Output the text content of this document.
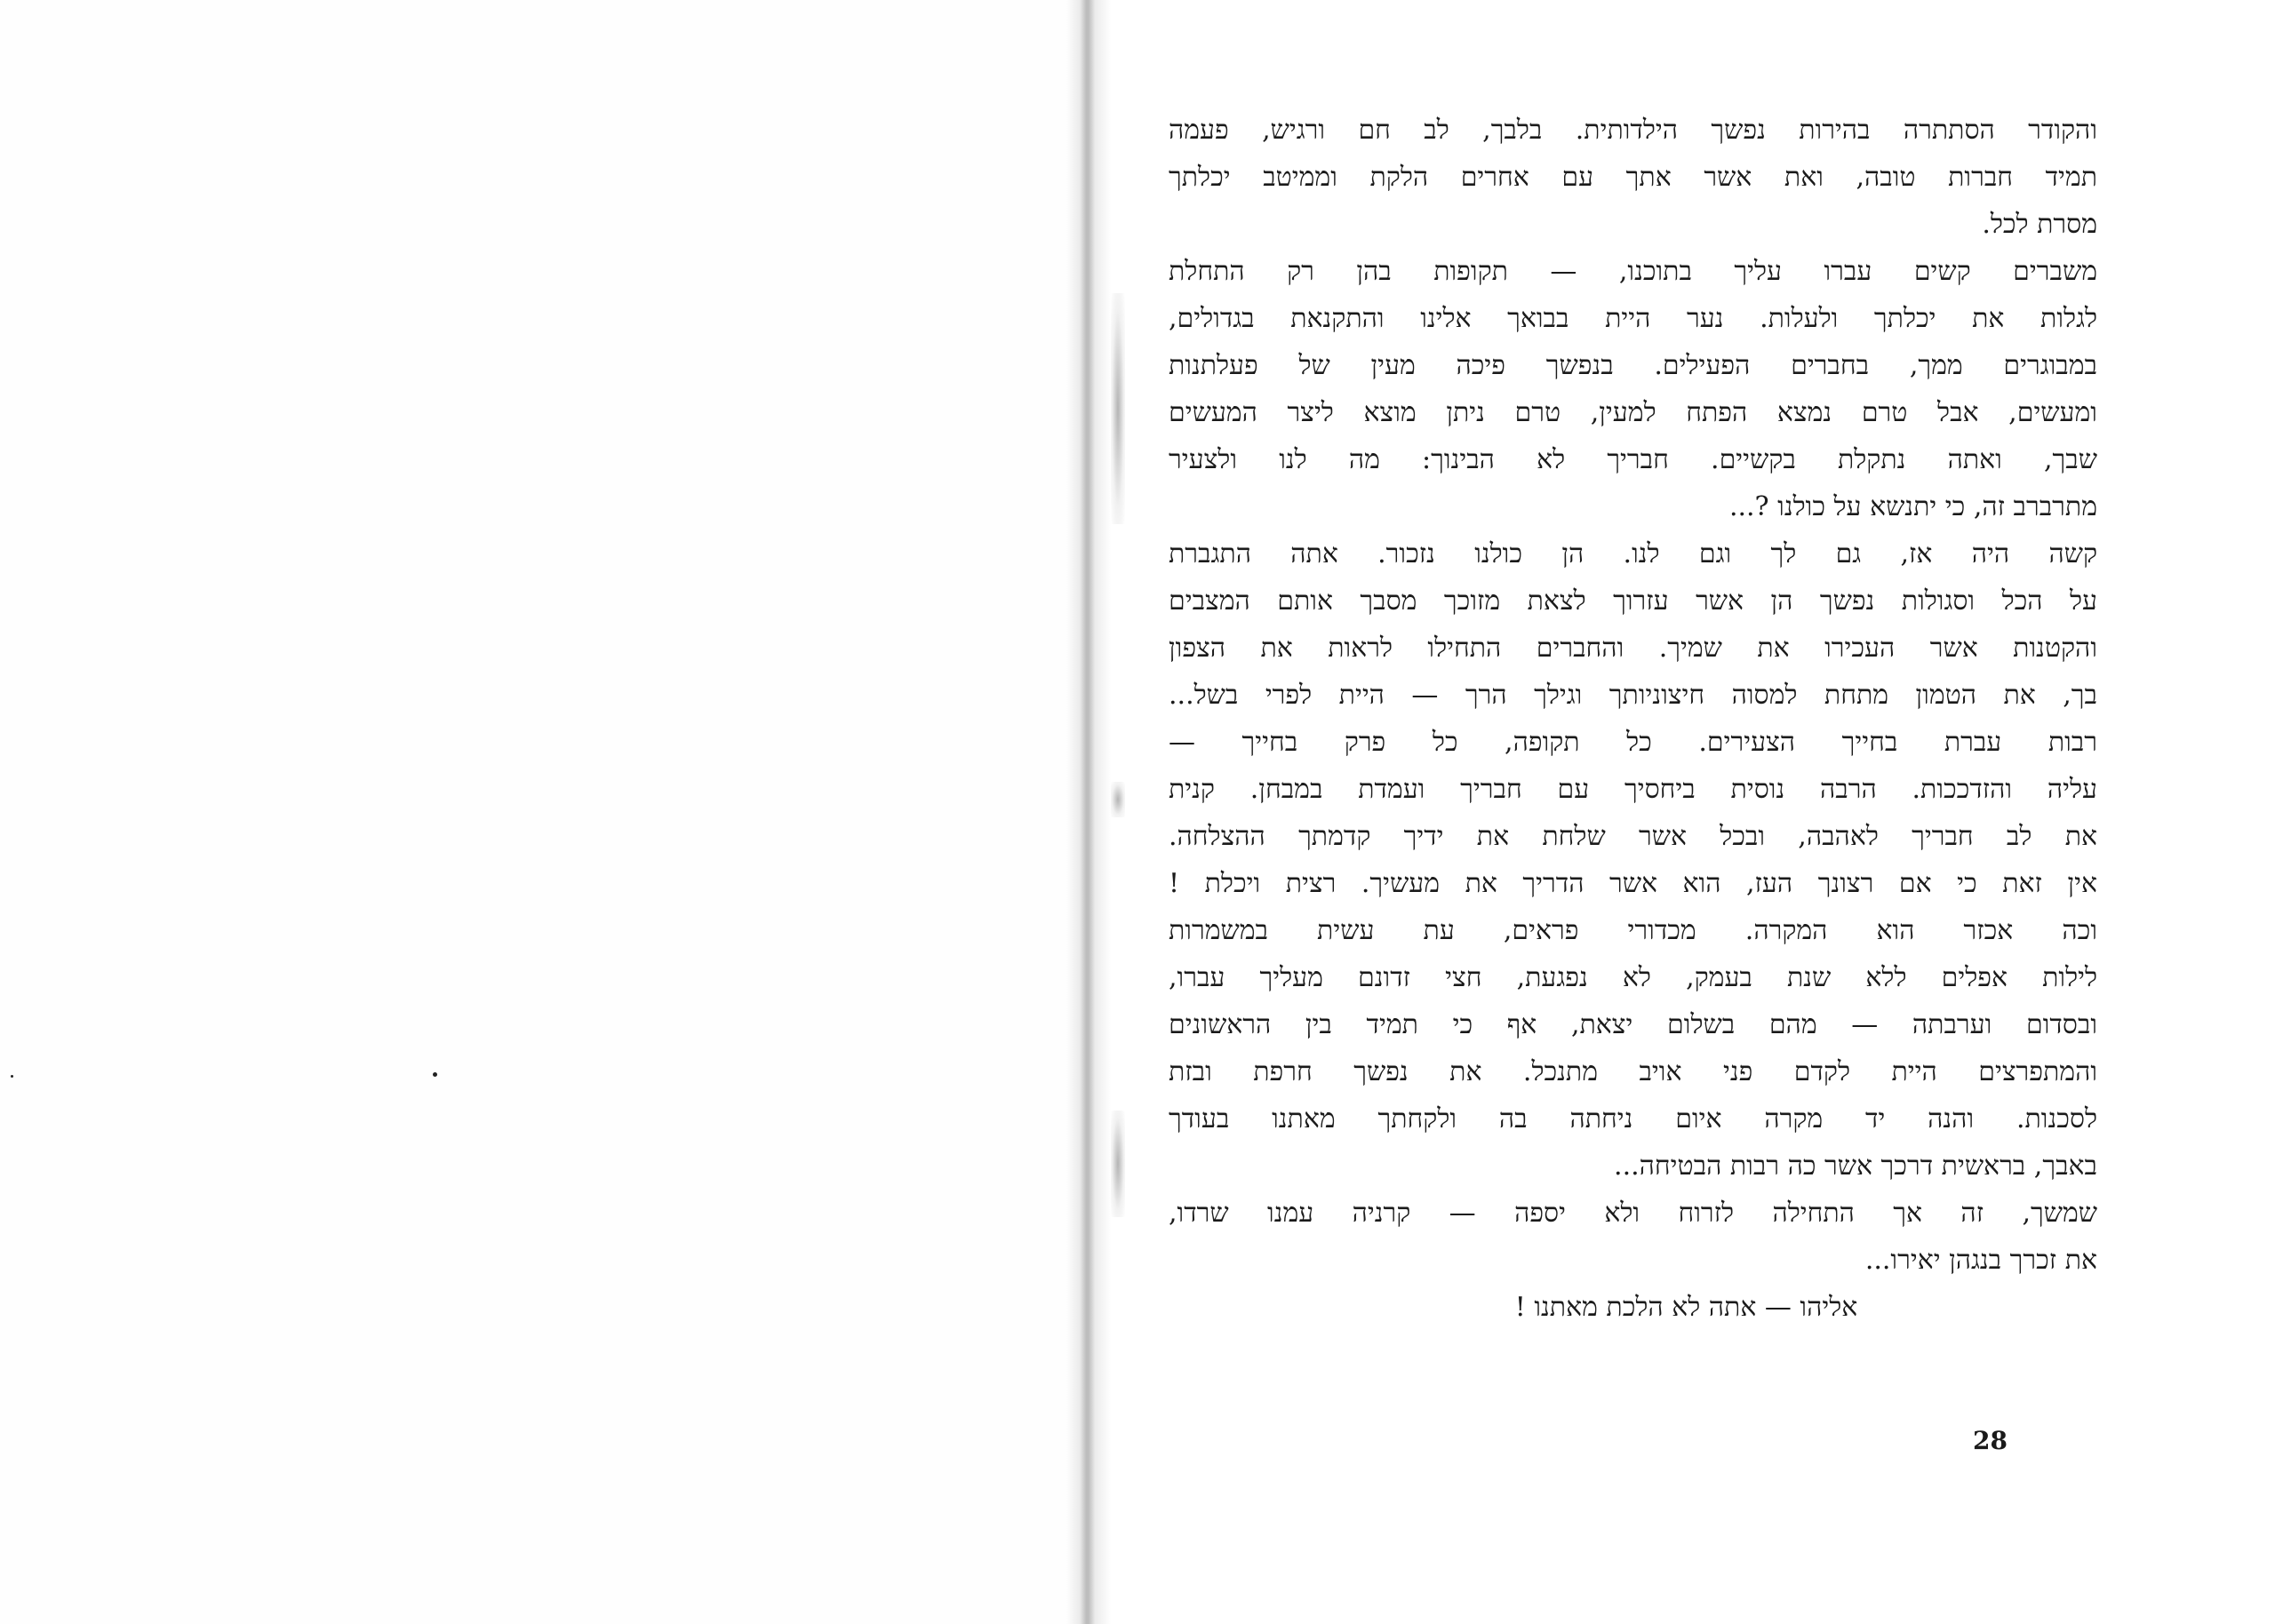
והקודר הסתתרה בהירות נפשך הילדותית. בלבך, לב חם ורגיש, פעמה
תמיד חברות טובה, ואת אשר אתך עם אחרים הלקת וממיטב יכלתך
מסרת לכל.
משברים קשים עברו עליך בתוכנו, — תקופות בהן רק התחלת
לגלות את יכלתך ולעלות. נער היית בבואך אלינו והתקנאת בגדולים,
במבוגרים ממך, בחברים הפעילים. בנפשך פיכה מעין של פעלתנות
ומעשים, אבל טרם נמצא הפתח למעין, טרם ניתן מוצא ליצר המעשים
שבך, ואתה נתקלת בקשיים. חבריך לא הבינוך: מה לנו ולצעיר
מתרברב זה, כי יתנשא על כולנו ?...
קשה היה אז, גם לך וגם לנו. הן כולנו נזכור. אתה התגברת
על הכל וסגולות נפשך הן אשר עזרוך לצאת מזוכך מסבך אותם המצבים
והקטנות אשר העכירו את שמיך. והחברים התחילו לראות את הצפון
בך, את הטמון מתחת למסוה חיצוניותך וגילך הרך — היית לפרי בשל...
רבות עברת בחייך הצעירים. כל תקופה, כל פרק בחייך —
עליה והזדככות. הרבה נוסית ביחסיך עם חבריך ועמדת במבחן. קנית
את לב חבריך לאהבה, ובכל אשר שלחת את ידיך קדמתך ההצלחה.
אין זאת כי אם רצונך העז, הוא אשר הדריך את מעשיך. רצית ויכלת !
וכה אכזר הוא המקרה. מכדורי פראים, עת עשית במשמרות
לילות אפלים ללא שנת בעמק, לא נפגעת, חצי זדונם מעליך עברו,
ובסדום וערבתה — מהם בשלום יצאת, אף כי תמיד בין הראשונים
והמתפרצים היית לקדם פני אויב מתנכל. את נפשך חרפת ובזת
לסכנות. והנה יד מקרה איום ניחתה בה ולקחתך מאתנו בעודך
באבך, בראשית דרכך אשר כה רבות הבטיחה...
שמשך, זה אך התחילה לזרוח ולא יספה — קרניה עמנו שרדו,
את זכרך בנגהן יאירו...
אליהו — אתה לא הלכת מאתנו !
28
